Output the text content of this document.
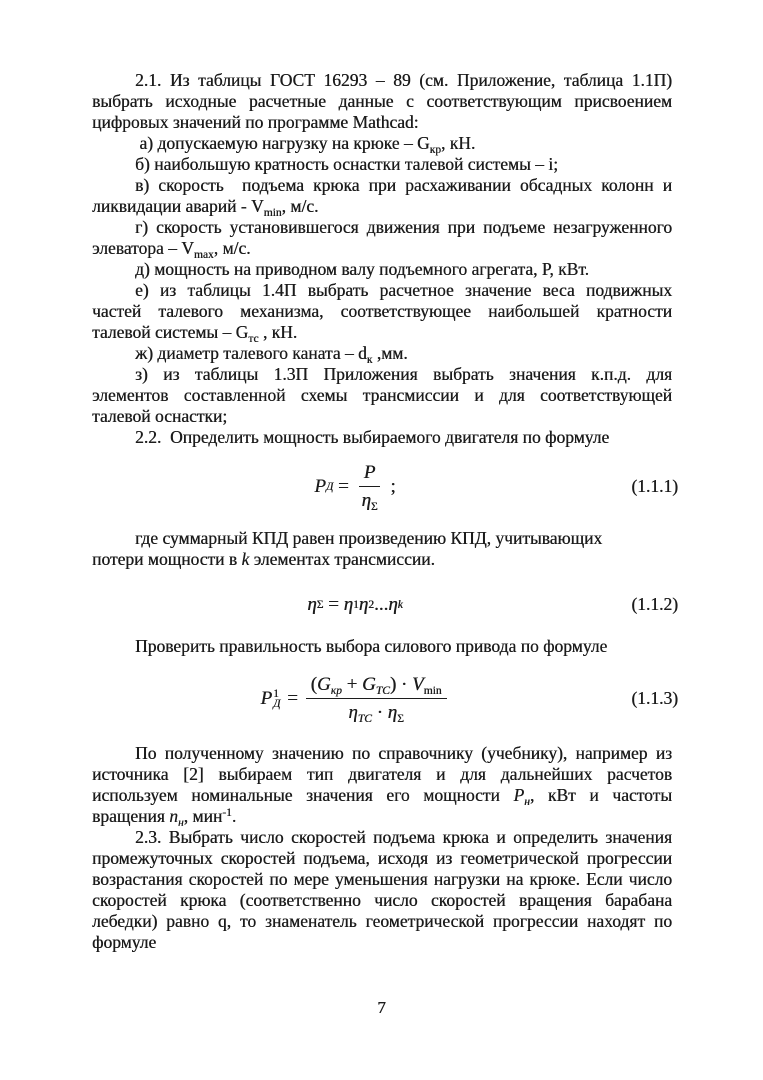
2.1. Из таблицы ГОСТ 16293 – 89 (см. Приложение, таблица 1.1П)
выбрать исходные расчетные данные с соответствующим присвоением
цифровых значений по программе Mathcad:
а) допускаемую нагрузку на крюке – $G_{кр}$, кН.
б) наибольшую кратность оснастки талевой системы – i;
в) скорость  подъема крюка при расхаживании обсадных колонн и
ликвидации аварий - $V_{min}$, м/с.
г) скорость установившегося движения при подъеме незагруженного
элеватора – $V_{max}$, м/с.
д) мощность на приводном валу подъемного агрегата, Р, кВт.
е) из таблицы 1.4П выбрать расчетное значение веса подвижных
частей талевого механизма, соответствующее наибольшей кратности
талевой системы – $G_{тс}$ , кН.
ж) диаметр талевого каната – $d_к$ ,мм.
з) из таблицы 1.3П Приложения выбрать значения к.п.д. для
элементов составленной схемы трансмиссии и для соответствующей
талевой оснастки;
2.2.  Определить мощность выбираемого двигателя по формуле
P $Д = \frac{P}{\eta_\Sigma}$ ;	(1.1.1)
где суммарный КПД равен произведению КПД, учитывающих
потери мощности в k элементах трансмиссии.
η Σ = η 1 η 2 ... η k	(1.1.2)
Проверить правильность выбора силового привода по формуле
P 1
$Д = \frac{(G_{кр} + G_{ТС}) \cdot V_{min}}{\eta_{ТС} \cdot \eta_\Sigma}$	(1.1.3)
По полученному значению по справочнику (учебнику), например из
источника [2] выбираем тип двигателя и для дальнейших расчетов
используем номинальные значения его мощности $P_н$, кВт и частоты
вращения $n_н$, мин$^{-1}$.
2.3. Выбрать число скоростей подъема крюка и определить значения
промежуточных скоростей подъема, исходя из геометрической прогрессии
возрастания скоростей по мере уменьшения нагрузки на крюке. Если число
скоростей крюка (соответственно число скоростей вращения барабана
лебедки) равно q, то знаменатель геометрической прогрессии находят по
формуле
7
